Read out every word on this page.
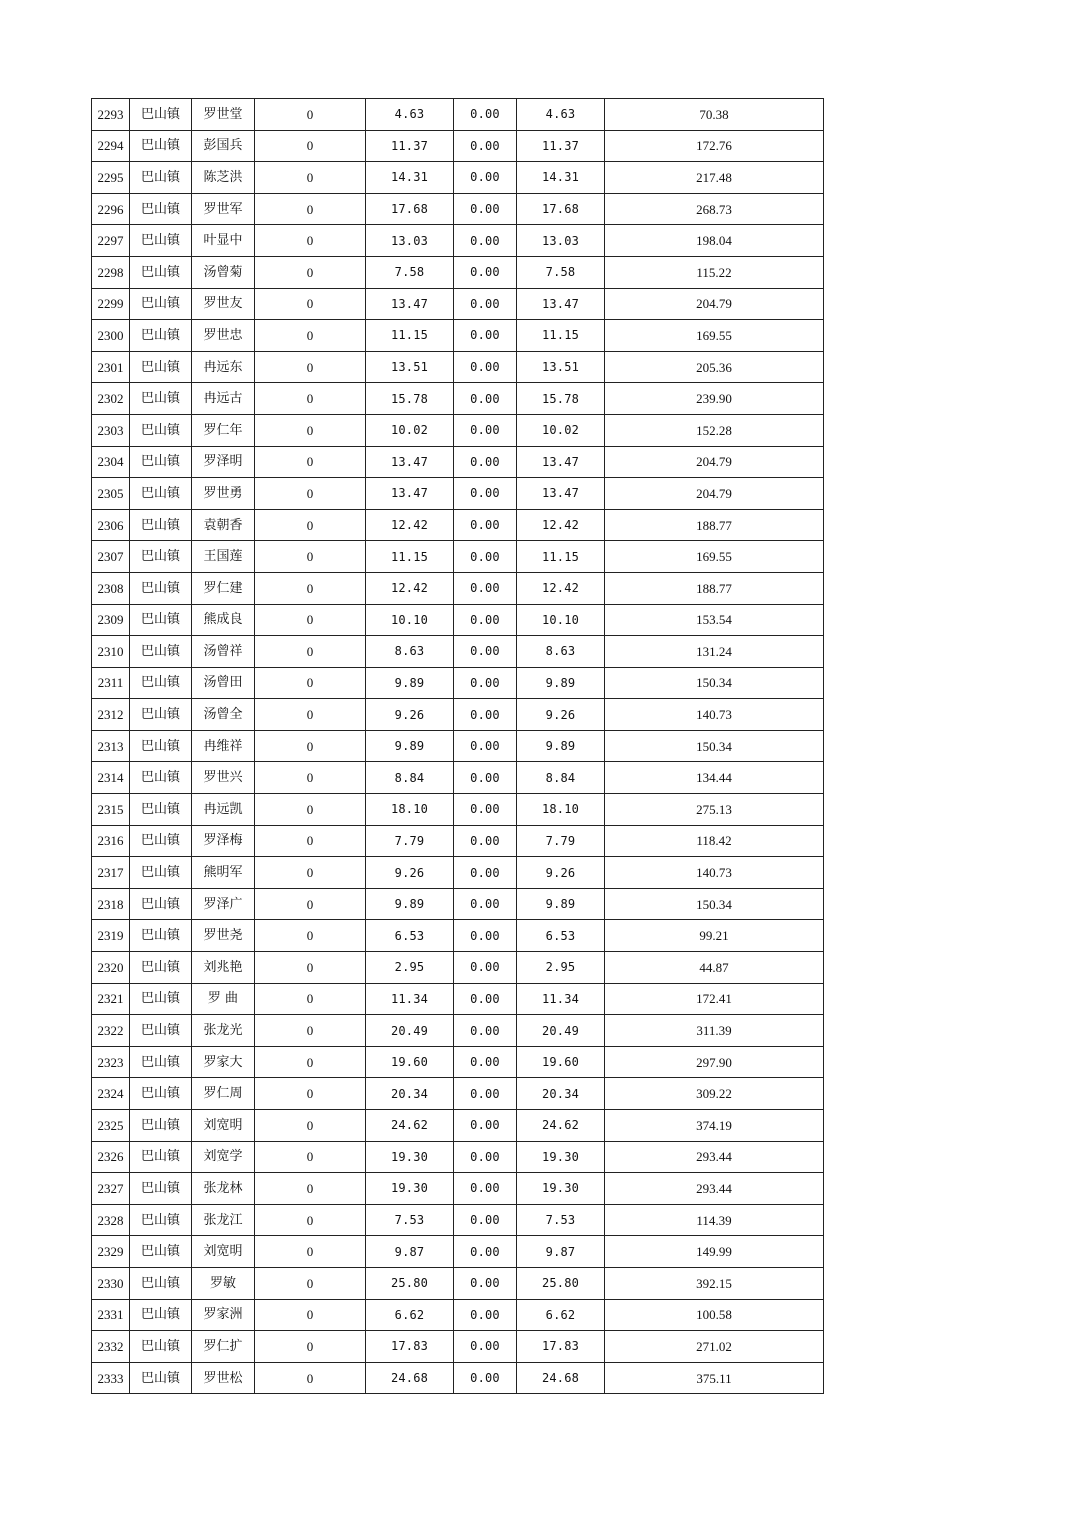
2293	巴山镇	罗世堂	0	4.63	0.00	4.63	70.38
2294	巴山镇	彭国兵	0	11.37	0.00	11.37	172.76
2295	巴山镇	陈芝洪	0	14.31	0.00	14.31	217.48
2296	巴山镇	罗世军	0	17.68	0.00	17.68	268.73
2297	巴山镇	叶显中	0	13.03	0.00	13.03	198.04
2298	巴山镇	汤曾菊	0	7.58	0.00	7.58	115.22
2299	巴山镇	罗世友	0	13.47	0.00	13.47	204.79
2300	巴山镇	罗世忠	0	11.15	0.00	11.15	169.55
2301	巴山镇	冉远东	0	13.51	0.00	13.51	205.36
2302	巴山镇	冉远古	0	15.78	0.00	15.78	239.90
2303	巴山镇	罗仁年	0	10.02	0.00	10.02	152.28
2304	巴山镇	罗泽明	0	13.47	0.00	13.47	204.79
2305	巴山镇	罗世勇	0	13.47	0.00	13.47	204.79
2306	巴山镇	袁朝香	0	12.42	0.00	12.42	188.77
2307	巴山镇	王国莲	0	11.15	0.00	11.15	169.55
2308	巴山镇	罗仁建	0	12.42	0.00	12.42	188.77
2309	巴山镇	熊成良	0	10.10	0.00	10.10	153.54
2310	巴山镇	汤曾祥	0	8.63	0.00	8.63	131.24
2311	巴山镇	汤曾田	0	9.89	0.00	9.89	150.34
2312	巴山镇	汤曾全	0	9.26	0.00	9.26	140.73
2313	巴山镇	冉维祥	0	9.89	0.00	9.89	150.34
2314	巴山镇	罗世兴	0	8.84	0.00	8.84	134.44
2315	巴山镇	冉远凯	0	18.10	0.00	18.10	275.13
2316	巴山镇	罗泽梅	0	7.79	0.00	7.79	118.42
2317	巴山镇	熊明军	0	9.26	0.00	9.26	140.73
2318	巴山镇	罗泽广	0	9.89	0.00	9.89	150.34
2319	巴山镇	罗世尧	0	6.53	0.00	6.53	99.21
2320	巴山镇	刘兆艳	0	2.95	0.00	2.95	44.87
2321	巴山镇	罗 曲	0	11.34	0.00	11.34	172.41
2322	巴山镇	张龙光	0	20.49	0.00	20.49	311.39
2323	巴山镇	罗家大	0	19.60	0.00	19.60	297.90
2324	巴山镇	罗仁周	0	20.34	0.00	20.34	309.22
2325	巴山镇	刘宽明	0	24.62	0.00	24.62	374.19
2326	巴山镇	刘宽学	0	19.30	0.00	19.30	293.44
2327	巴山镇	张龙林	0	19.30	0.00	19.30	293.44
2328	巴山镇	张龙江	0	7.53	0.00	7.53	114.39
2329	巴山镇	刘宽明	0	9.87	0.00	9.87	149.99
2330	巴山镇	罗敏	0	25.80	0.00	25.80	392.15
2331	巴山镇	罗家洲	0	6.62	0.00	6.62	100.58
2332	巴山镇	罗仁扩	0	17.83	0.00	17.83	271.02
2333	巴山镇	罗世松	0	24.68	0.00	24.68	375.11
